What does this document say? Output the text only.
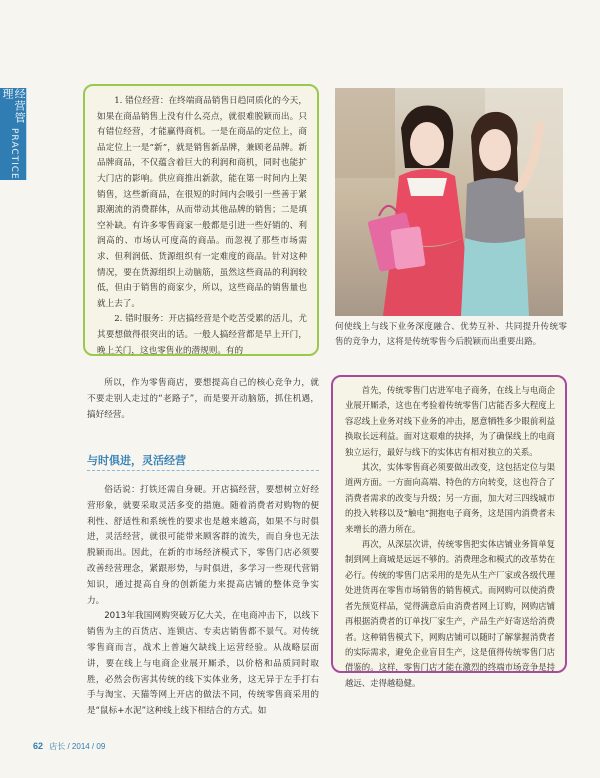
经营管理
PRACTICE

1. 错位经营：在终端商品销售日趋同质化的今天，如果在商品销售上没有什么亮点，就很难脱颖而出。只有错位经营，才能赢得商机。一是在商品的定位上，商品定位上一是“新”，就是销售新品牌，兼顾老品牌。新品牌商品，不仅蕴含着巨大的利润和商机，同时也能扩大门店的影响。供应商推出新款，能在第一时间内上架销售，这些新商品，在很短的时间内会吸引一些善于紧跟潮流的消费群体，从而带动其他品牌的销售；二是填空补缺。有许多零售商家一般都是引进一些好销的、利润高的、市场认可度高的商品。而忽视了那些市场需求、但利润低、货源组织有一定难度的商品。针对这种情况，要在货源组织上动脑筋，虽然这些商品的利润较低，但由于销售的商家少，所以，这些商品的销售量也就上去了。

2. 错时服务：开店搞经营是个吃苦受累的活儿，尤其要想做得很突出的话。一般人搞经营都是早上开门，晚上关门，这也零售业的潜规则。有的

何使线上与线下业务深度融合、优势互补、共同提升传统零售的竞争力，这将是传统零售今后脱颖而出重要出路。

所以，作为零售商店，要想提高自己的核心竞争力，就不要走别人走过的“老路子”，而是要开动脑筋，抓住机遇，搞好经营。

与时俱进，灵活经营

俗话说：打铁还需自身硬。开店搞经营，要想树立好经营形象，就要采取灵活多变的措施。随着消费者对购物的便利性、舒适性和系统性的要求也是越来越高，如果不与时俱进，灵活经营，就很可能带来顾客群的流失，而自身也无法脱颖而出。因此，在新的市场经济模式下，零售门店必须要改善经营理念，紧跟形势，与时俱进，多学习一些现代营销知识，通过提高自身的创新能力来提高店铺的整体竞争实力。

2013年我国网购突破万亿大关，在电商冲击下，以线下销售为主的百货店、连锁店、专卖店销售都不景气。对传统零售商而言，战术上普遍欠缺线上运营经验。从战略层面讲，要在线上与电商企业展开厮杀，以价格和品质同时取胜，必然会伤害其传统的线下实体业务，这无异于左手打右手与淘宝、天猫等网上开店的做法不同，传统零售商采用的是“鼠标+水泥”这种线上线下相结合的方式。如

首先，传统零售门店进军电子商务，在线上与电商企业展开厮杀，这也在考验着传统零售门店能否多大程度上容忍线上业务对线下业务的冲击，愿意牺牲多少眼前利益换取长远利益。面对这艰难的抉择，为了确保线上的电商独立运行，最好与线下的实体店有相对独立的关系。

其次，实体零售商必须要做出改变，这包括定位与渠道两方面。一方面向高端、特色的方向转变，这也符合了消费者需求的改变与升级；另一方面，加大对三四线城市的投入转移以及“触电”拥抱电子商务，这是国内消费者未来增长的潜力所在。

再次，从深层次讲，传统零售把实体店铺业务简单复制到网上商城是远远不够的。消费理念和模式的改革势在必行。传统的零售门店采用的是先从生产厂家或各级代理处进货再在零售市场销售的销售模式。而网购可以使消费者先预览样品，觉得满意后由消费者网上订购，网购店铺再根据消费者的订单找厂家生产，产品生产好寄送给消费者。这种销售模式下，网购店铺可以随时了解掌握消费者的实际需求，避免企业盲目生产，这是值得传统零售门店借鉴的。这样，零售门店才能在激烈的终端市场竞争是持越远、走得越稳健。

62 店长 / 2014 / 09
